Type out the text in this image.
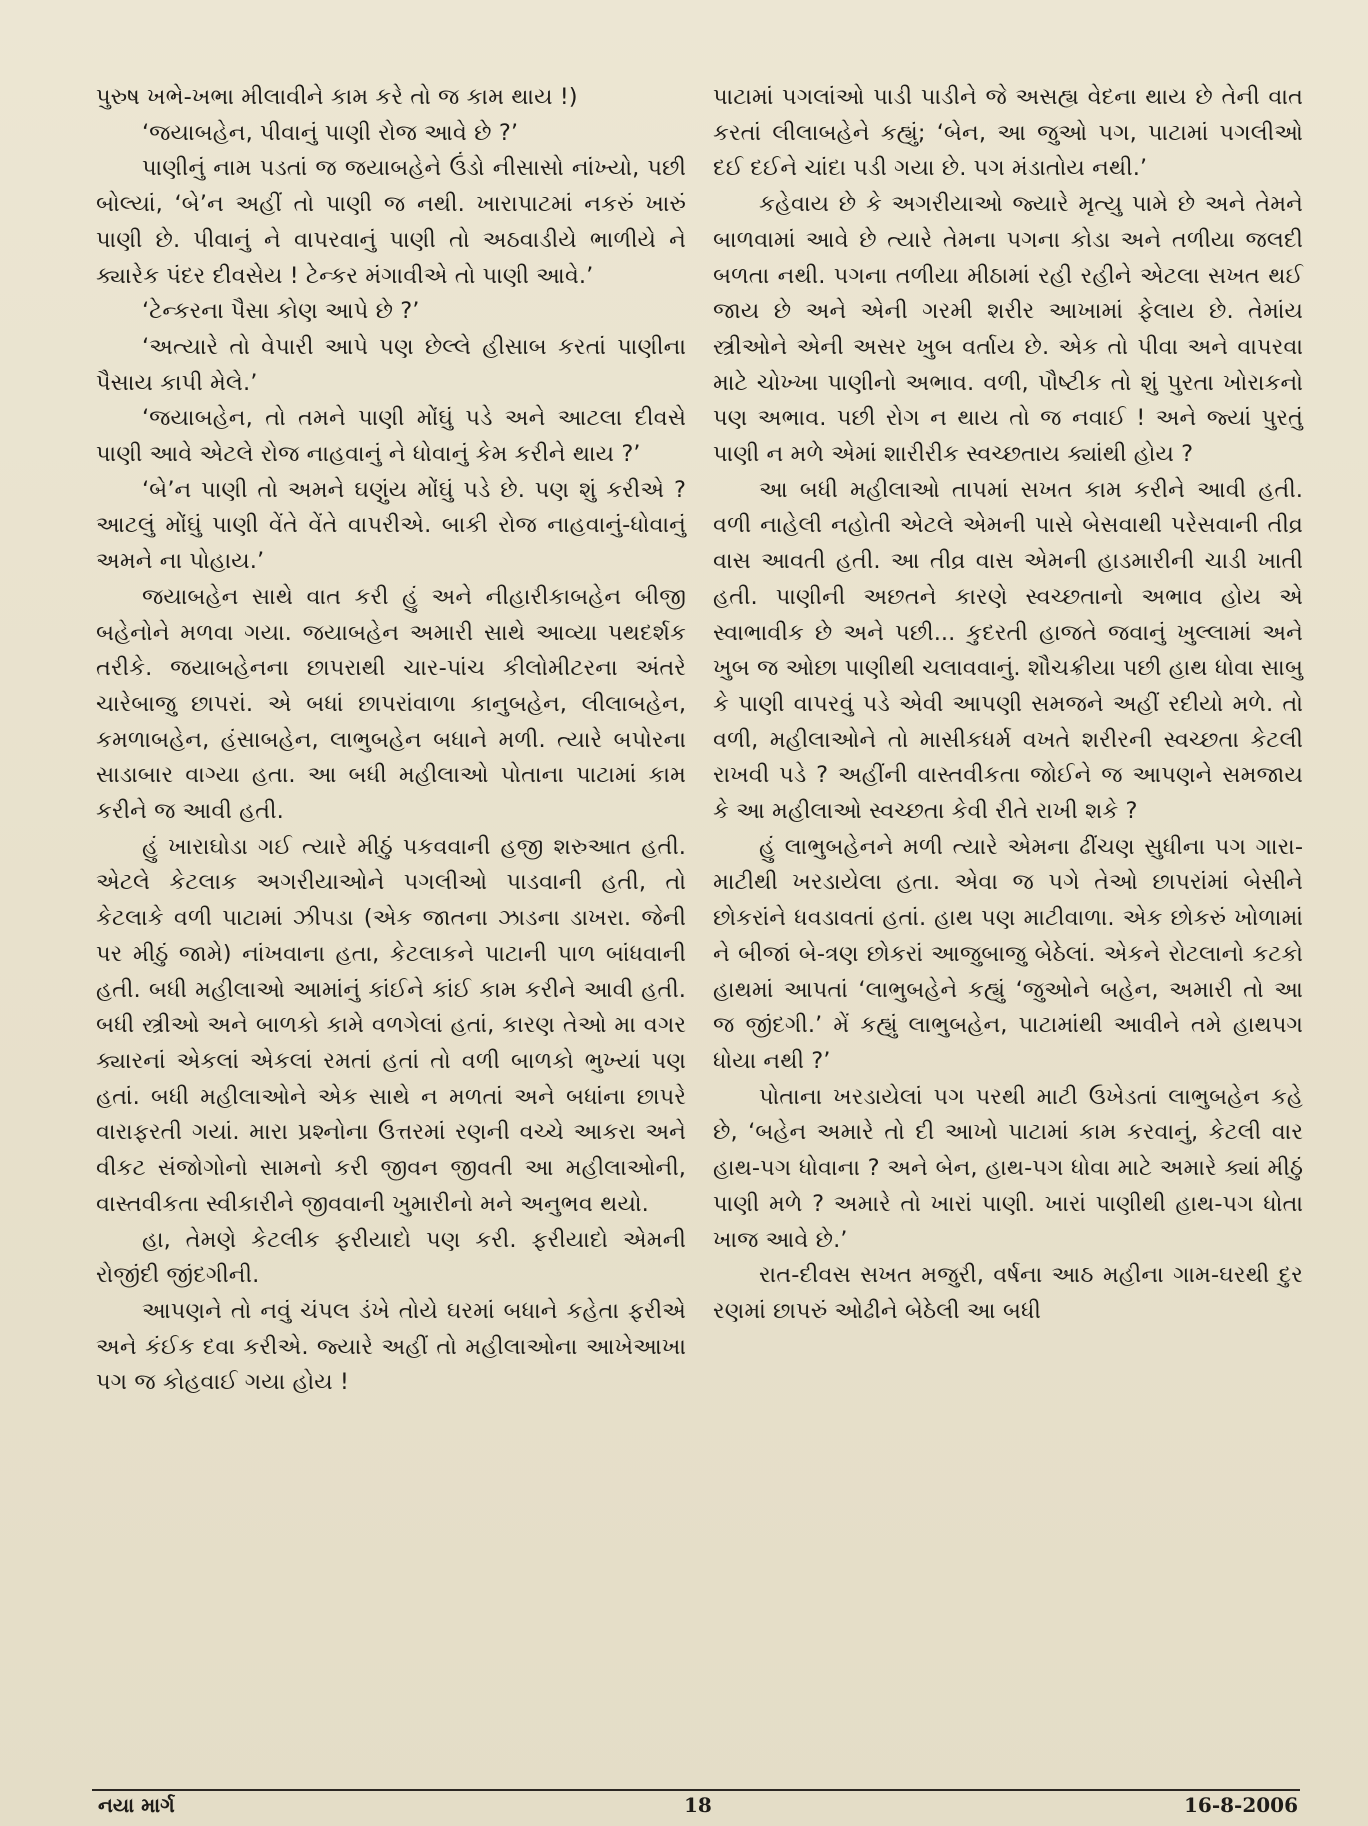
પુરુષ ખભે-ખભા મીલાવીને કામ કરે તો જ કામ થાય !)

‘જયાબહેન, પીવાનું પાણી રોજ આવે છે ?’

પાણીનું નામ પડતાં જ જયાબહેને ઉંડો નીસાસો નાંખ્યો, પછી બોલ્યાં, ‘બે’ન અહીં તો પાણી જ નથી. ખારાપાટમાં નકરું ખારું પાણી છે. પીવાનું ને વાપરવાનું પાણી તો અઠવાડીયે ભાળીયે ને ક્યારેક પંદર દીવસેય ! ટેન્કર મંગાવીએ તો પાણી આવે.’

‘ટેન્કરના પૈસા કોણ આપે છે ?’

‘અત્યારે તો વેપારી આપે પણ છેલ્લે હીસાબ કરતાં પાણીના પૈસાય કાપી મેલે.’

‘જયાબહેન, તો તમને પાણી મોંઘું પડે અને આટલા દીવસે પાણી આવે એટલે રોજ નાહવાનું ને ધોવાનું કેમ કરીને થાય ?’

‘બે’ન પાણી તો અમને ઘણુંય મોંઘું પડે છે. પણ શું કરીએ ? આટલું મોંઘું પાણી વેંતે વેંતે વાપરીએ. બાકી રોજ નાહવાનું-ધોવાનું અમને ના પોહાય.’

જયાબહેન સાથે વાત કરી હું અને નીહારીકાબહેન બીજી બહેનોને મળવા ગયા. જયાબહેન અમારી સાથે આવ્યા પથદર્શક તરીકે. જયાબહેનના છાપરાથી ચાર-પાંચ કીલોમીટરના અંતરે ચારેબાજુ છાપરાં. એ બધાં છાપરાંવાળા કાનુબહેન, લીલાબહેન, કમળાબહેન, હંસાબહેન, લાભુબહેન બધાને મળી. ત્યારે બપોરના સાડાબાર વાગ્યા હતા. આ બધી મહીલાઓ પોતાના પાટામાં કામ કરીને જ આવી હતી.

હું ખારાઘોડા ગઈ ત્યારે મીઠું પકવવાની હજી શરુઆત હતી. એટલે કેટલાક અગરીયાઓને પગલીઓ પાડવાની હતી, તો કેટલાકે વળી પાટામાં ઝીપડા (એક જાતના ઝાડના ડાખરા. જેની પર મીઠું જામે) નાંખવાના હતા, કેટલાકને પાટાની પાળ બાંધવાની હતી. બધી મહીલાઓ આમાંનું કાંઈને કાંઈ કામ કરીને આવી હતી. બધી સ્ત્રીઓ અને બાળકો કામે વળગેલાં હતાં, કારણ તેઓ મા વગર ક્યારનાં એકલાં એકલાં રમતાં હતાં તો વળી બાળકો ભુખ્યાં પણ હતાં. બધી મહીલાઓને એક સાથે ન મળતાં અને બધાંના છાપરે વારાફરતી ગયાં. મારા પ્રશ્નોના ઉત્તરમાં રણની વચ્ચે આકરા અને વીકટ સંજોગોનો સામનો કરી જીવન જીવતી આ મહીલાઓની, વાસ્તવીકતા સ્વીકારીને જીવવાની ખુમારીનો મને અનુભવ થયો.

હા, તેમણે કેટલીક ફરીયાદો પણ કરી. ફરીયાદો એમની રોજીંદી જીંદગીની.

આપણને તો નવું ચંપલ ડંખે તોયે ઘરમાં બધાને કહેતા ફરીએ અને કંઈક દવા કરીએ. જ્યારે અહીં તો મહીલાઓના આખેઆખા પગ જ કોહવાઈ ગયા હોય !

પાટામાં પગલાંઓ પાડી પાડીને જે અસહ્ય વેદના થાય છે તેની વાત કરતાં લીલાબહેને કહ્યું; ‘બેન, આ જુઓ પગ, પાટામાં પગલીઓ દઈ દઈને ચાંદા પડી ગયા છે. પગ મંડાતોય નથી.’

કહેવાય છે કે અગરીયાઓ જ્યારે મૃત્યુ પામે છે અને તેમને બાળવામાં આવે છે ત્યારે તેમના પગના કોડા અને તળીયા જલદી બળતા નથી. પગના તળીયા મીઠામાં રહી રહીને એટલા સખત થઈ જાય છે અને એની ગરમી શરીર આખામાં ફેલાય છે. તેમાંય સ્ત્રીઓને એની અસર ખુબ વર્તાય છે. એક તો પીવા અને વાપરવા માટે ચોખ્ખા પાણીનો અભાવ. વળી, પૌષ્ટીક તો શું પુરતા ખોરાકનો પણ અભાવ. પછી રોગ ન થાય તો જ નવાઈ ! અને જ્યાં પુરતું પાણી ન મળે એમાં શારીરીક સ્વચ્છતાય ક્યાંથી હોય ?

આ બધી મહીલાઓ તાપમાં સખત કામ કરીને આવી હતી. વળી નાહેલી નહોતી એટલે એમની પાસે બેસવાથી પરેસવાની તીવ્ર વાસ આવતી હતી. આ તીવ્ર વાસ એમની હાડમારીની ચાડી ખાતી હતી. પાણીની અછતને કારણે સ્વચ્છતાનો અભાવ હોય એ સ્વાભાવીક છે અને પછી... કુદરતી હાજતે જવાનું ખુલ્લામાં અને ખુબ જ ઓછા પાણીથી ચલાવવાનું. શૌચક્રીયા પછી હાથ ધોવા સાબુ કે પાણી વાપરવું પડે એવી આપણી સમજને અહીં રદીયો મળે. તો વળી, મહીલાઓને તો માસીકધર્મ વખતે શરીરની સ્વચ્છતા કેટલી રાખવી પડે ? અહીંની વાસ્તવીકતા જોઈને જ આપણને સમજાય કે આ મહીલાઓ સ્વચ્છતા કેવી રીતે રાખી શકે ?

હું લાભુબહેનને મળી ત્યારે એમના ઢીંચણ સુધીના પગ ગારા-માટીથી ખરડાયેલા હતા. એવા જ પગે તેઓ છાપરાંમાં બેસીને છોકરાંને ધવડાવતાં હતાં. હાથ પણ માટીવાળા. એક છોકરું ખોળામાં ને બીજાં બે-ત્રણ છોકરાં આજુબાજુ બેઠેલાં. એકને રોટલાનો કટકો હાથમાં આપતાં ‘લાભુબહેને કહ્યું ‘જુઓને બહેન, અમારી તો આ જ જીંદગી.’ મેં કહ્યું લાભુબહેન, પાટામાંથી આવીને તમે હાથપગ ધોયા નથી ?’

પોતાના ખરડાયેલાં પગ પરથી માટી ઉખેડતાં લાભુબહેન કહે છે, ‘બહેન અમારે તો દી આખો પાટામાં કામ કરવાનું, કેટલી વાર હાથ-પગ ધોવાના ? અને બેન, હાથ-પગ ધોવા માટે અમારે ક્યાં મીઠું પાણી મળે ? અમારે તો ખારાં પાણી. ખારાં પાણીથી હાથ-પગ ધોતા ખાજ આવે છે.’

રાત-દીવસ સખત મજુરી, વર્ષના આઠ મહીના ગામ-ઘરથી દુર રણમાં છાપરું ઓઢીને બેઠેલી આ બધી

નયા માર્ગ	18	16-8-2006
